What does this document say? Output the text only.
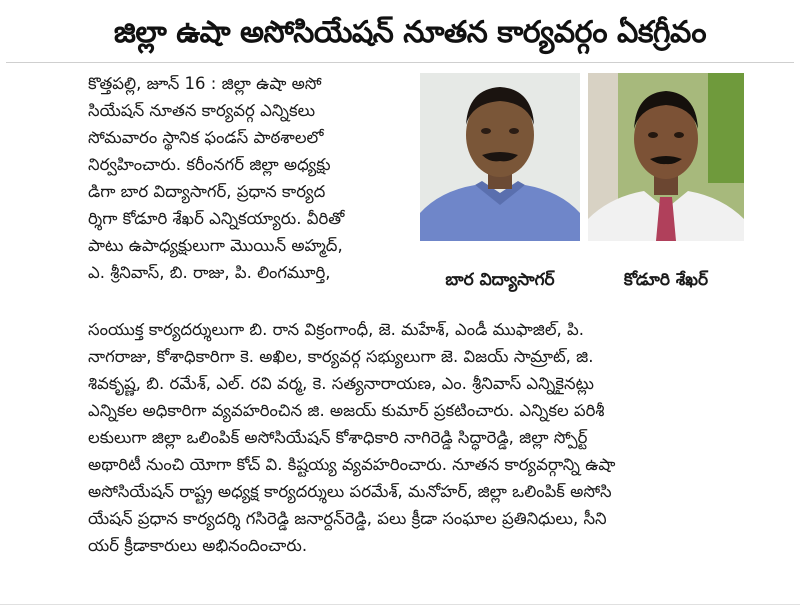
జిల్లా ఉషా అసోసియేషన్ నూతన కార్యవర్గం ఏకగ్రీవం
కొత్తపల్లి, జూన్ 16 : జిల్లా ఉషా అసో
సియేషన్ నూతన కార్యవర్గ ఎన్నికలు
సోమవారం స్థానిక ఫండస్ పాఠశాలలో
నిర్వహించారు. కరీంనగర్ జిల్లా అధ్యక్షు
డిగా బార విద్యాసాగర్, ప్రధాన కార్యద
ర్శిగా కోడూరి శేఖర్ ఎన్నికయ్యారు. వీరితో
పాటు ఉపాధ్యక్షులుగా మొయిన్ అహ్మద్,
ఎ. శ్రీనివాస్, బి. రాజు, పి. లింగమూర్తి,	బార విద్యాసాగర్	కోడూరి శేఖర్
సంయుక్త కార్యదర్శులుగా బి. రాన విక్రంగాంధీ, జె. మహేశ్, ఎండీ ముఫాజిల్, పి.
నాగరాజు, కోశాధికారిగా కె. అఖిల, కార్యవర్గ సభ్యులుగా జె. విజయ్ సామ్రాట్, జి.
శివకృష్ణ, బి. రమేశ్, ఎల్. రవి వర్మ, కె. సత్యనారాయణ, ఎం. శ్రీనివాస్ ఎన్నికైనట్లు
ఎన్నికల అధికారిగా వ్యవహరించిన జి. అజయ్ కుమార్ ప్రకటించారు. ఎన్నికల పరిశీ
లకులుగా జిల్లా ఒలింపిక్ అసోసియేషన్ కోశాధికారి నాగిరెడ్డి సిద్ధారెడ్డి, జిల్లా స్పోర్ట్
అథారిటీ నుంచి యోగా కోచ్ వి. కిష్టయ్య వ్యవహరించారు. నూతన కార్యవర్గాన్ని ఉషా
అసోసియేషన్ రాష్ట్ర అధ్యక్ష కార్యదర్శులు పరమేశ్, మనోహర్, జిల్లా ఒలింపిక్ అసోసి
యేషన్ ప్రధాన కార్యదర్శి గసిరెడ్డి జనార్దన్‌రెడ్డి, పలు క్రీడా సంఘాల ప్రతినిధులు, సీని
యర్ క్రీడాకారులు అభినందించారు.
